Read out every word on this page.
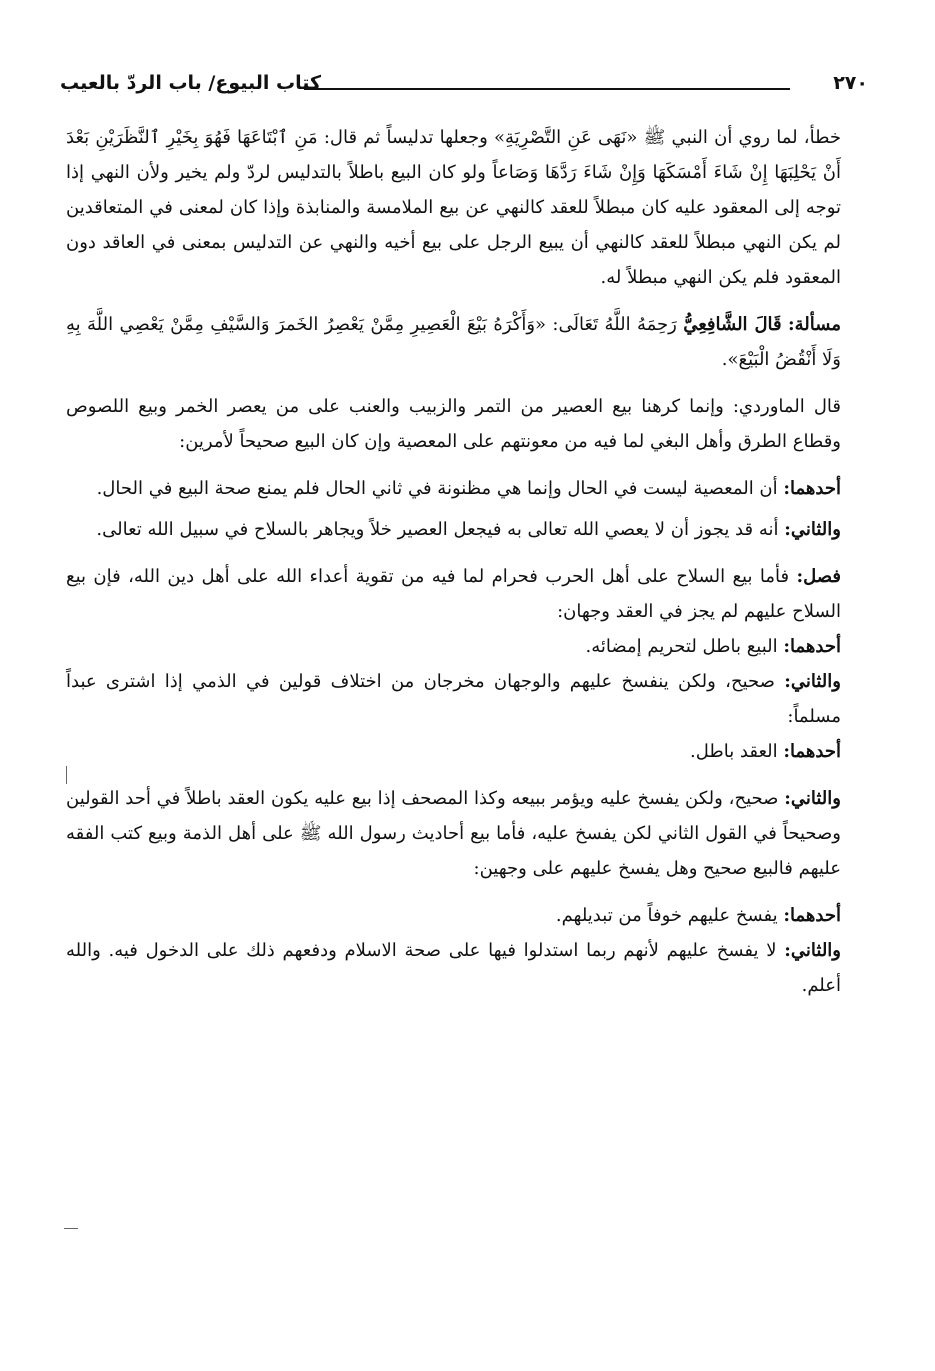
كتاب البيوع/ باب الردّ بالعيب	٢٧٠

خطأ، لما روي أن النبي ﷺ «نَهَى عَنِ التَّصْرِيَةِ» وجعلها تدليساً ثم قال: مَنِ ٱبْتَاعَهَا فَهُوَ بِخَيْرِ ٱلنَّظَرَيْنِ بَعْدَ أَنْ يَحْلِبَهَا إِنْ شَاءَ أَمْسَكَهَا وَإِنْ شَاءَ رَدَّهَا وَصَاعاً ولو كان البيع باطلاً بالتدليس لردّ ولم يخير ولأن النهي إذا توجه إلى المعقود عليه كان مبطلاً للعقد كالنهي عن بيع الملامسة والمنابذة وإذا كان لمعنى في المتعاقدين لم يكن النهي مبطلاً للعقد كالنهي أن يبيع الرجل على بيع أخيه والنهي عن التدليس بمعنى في العاقد دون المعقود فلم يكن النهي مبطلاً له.

مسألة: قَالَ الشَّافِعِيُّ رَحِمَهُ اللَّهُ تَعَالَى: «وَأَكْرَهُ بَيْعَ الْعَصِيرِ مِمَّنْ يَعْصِرُ الخَمرَ وَالسَّيْفِ مِمَّنْ يَعْصِي اللَّهَ بِهِ وَلَا أَنْقُضُ الْبَيْعَ».

قال الماوردي: وإنما كرهنا بيع العصير من التمر والزبيب والعنب على من يعصر الخمر وبيع اللصوص وقطاع الطرق وأهل البغي لما فيه من معونتهم على المعصية وإن كان البيع صحيحاً لأمرين:

أحدهما: أن المعصية ليست في الحال وإنما هي مظنونة في ثاني الحال فلم يمنع صحة البيع في الحال.

والثاني: أنه قد يجوز أن لا يعصي الله تعالى به فيجعل العصير خلاً ويجاهر بالسلاح في سبيل الله تعالى.

فصل: فأما بيع السلاح على أهل الحرب فحرام لما فيه من تقوية أعداء الله على أهل دين الله، فإن بيع السلاح عليهم لم يجز في العقد وجهان:

أحدهما: البيع باطل لتحريم إمضائه.

والثاني: صحيح، ولكن ينفسخ عليهم والوجهان مخرجان من اختلاف قولين في الذمي إذا اشترى عبداً مسلماً:

أحدهما: العقد باطل.

والثاني: صحيح، ولكن يفسخ عليه ويؤمر ببيعه وكذا المصحف إذا بيع عليه يكون العقد باطلاً في أحد القولين وصحيحاً في القول الثاني لكن يفسخ عليه، فأما بيع أحاديث رسول الله ﷺ على أهل الذمة وبيع كتب الفقه عليهم فالبيع صحيح وهل يفسخ عليهم على وجهين:

أحدهما: يفسخ عليهم خوفاً من تبديلهم.

والثاني: لا يفسخ عليهم لأنهم ربما استدلوا فيها على صحة الاسلام ودفعهم ذلك على الدخول فيه. والله أعلم.
